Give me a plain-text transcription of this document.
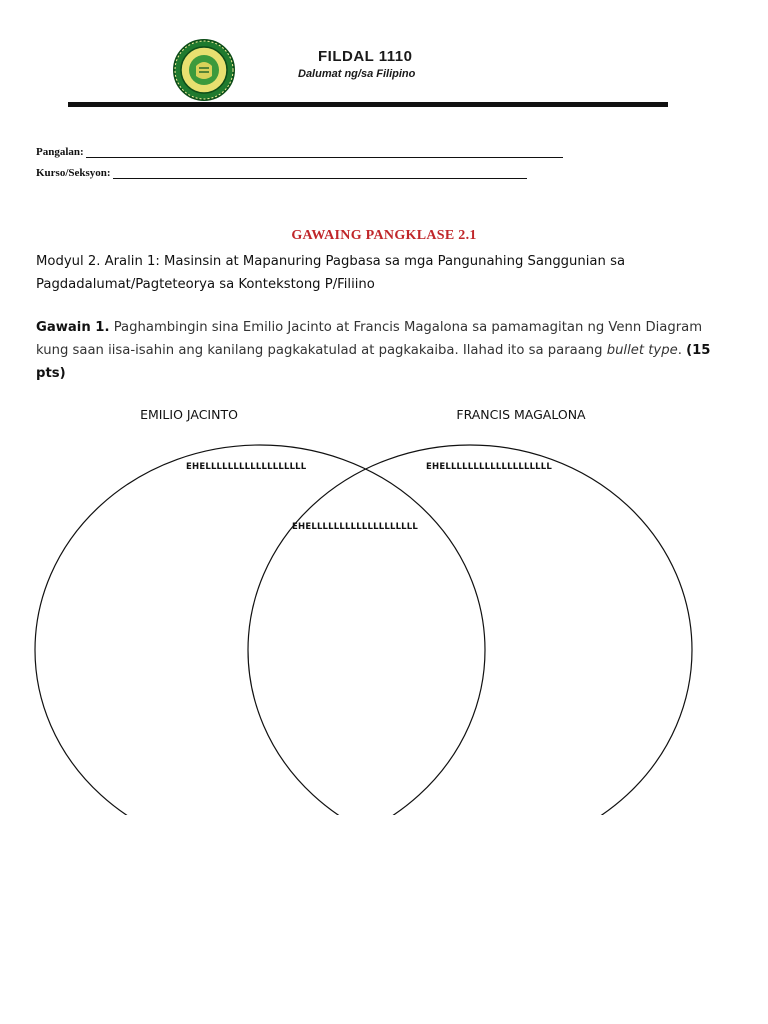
FILDAL 1110
Dalumat ng/sa Filipino
Pangalan:
Kurso/Seksyon:
GAWAING PANGKLASE 2.1
Modyul 2. Aralin 1: Masinsin at Mapanuring Pagbasa sa mga Pangunahing Sanggunian sa
Pagdadalumat/Pagteteorya sa Kontekstong P/Filiino
Gawain 1. Paghambingin sina Emilio Jacinto at Francis Magalona sa pamamagitan ng Venn Diagram
kung saan iisa-isahin ang kanilang pagkakatulad at pagkakaiba. Ilahad ito sa paraang bullet type. (15
pts)
EMILIO JACINTO	FRANCIS MAGALONA
EHELLLLLLLLLLLLLLLLLL	EHELLLLLLLLLLLLLLLLLLL
EHELLLLLLLLLLLLLLLLLLL
